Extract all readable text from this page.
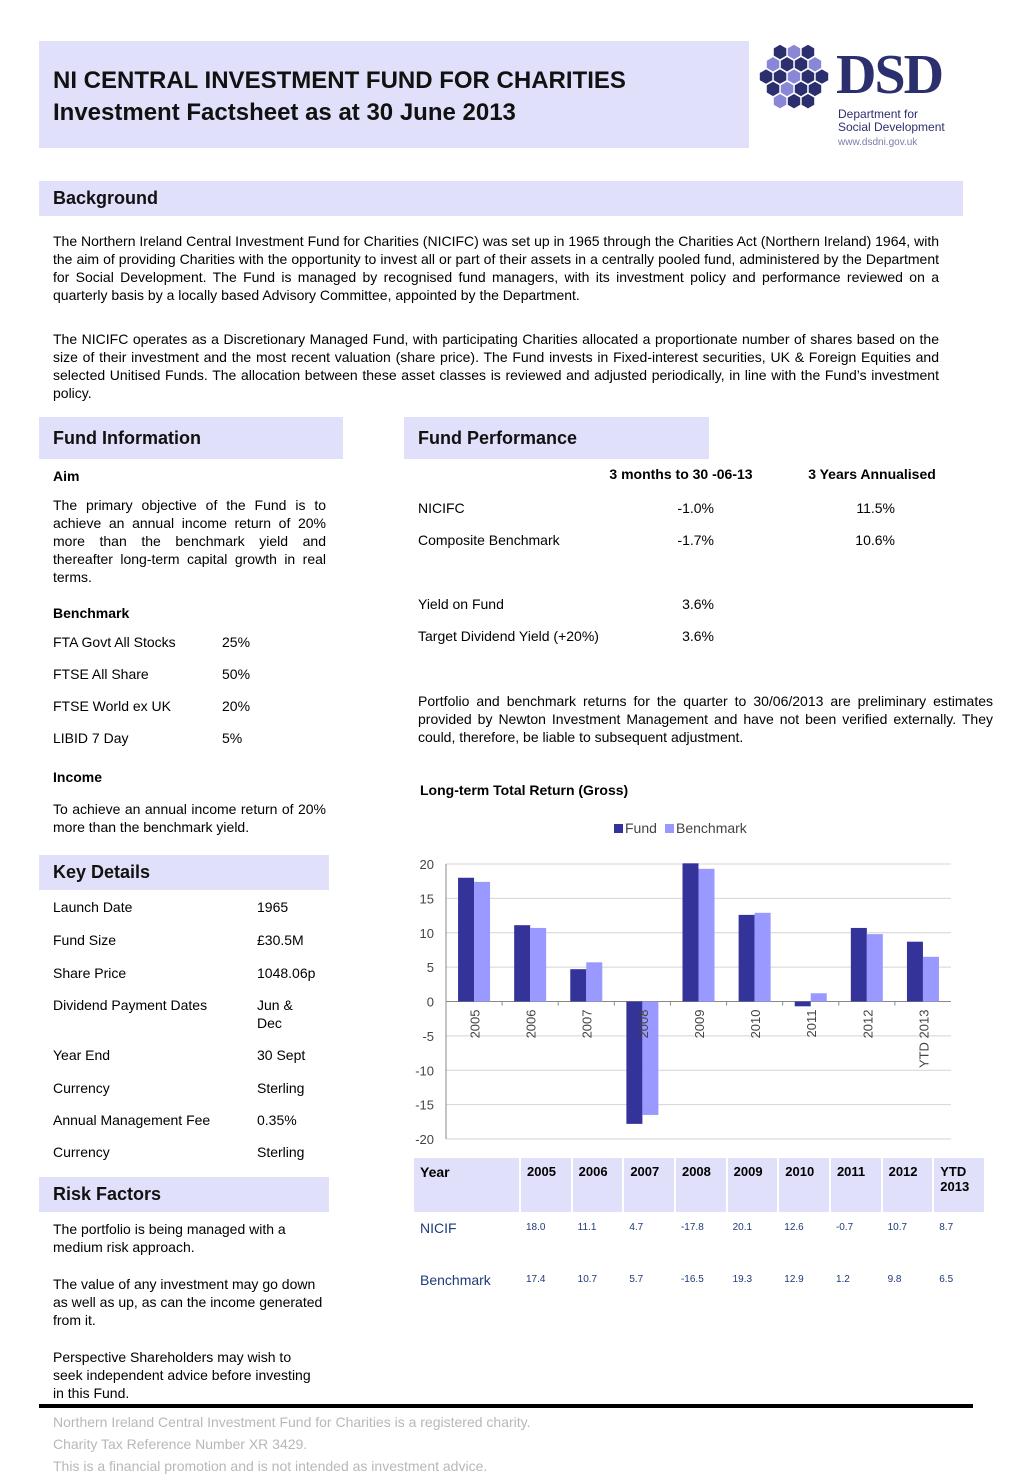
NI CENTRAL INVESTMENT FUND FOR CHARITIES
Investment Factsheet as at 30 June 2013
DSD
Department for
Social Development
www.dsdni.gov.uk
Background
The Northern Ireland Central Investment Fund for Charities (NICIFC) was set up in 1965 through the Charities Act (Northern Ireland) 1964, with the aim of providing Charities with the opportunity to invest all or part of their assets in a centrally pooled fund, administered by the Department for Social Development. The Fund is managed by recognised fund managers, with its investment policy and performance reviewed on a quarterly basis by a locally based Advisory Committee, appointed by the Department.
The NICIFC operates as a Discretionary Managed Fund, with participating Charities allocated a proportionate number of shares based on the size of their investment and the most recent valuation (share price). The Fund invests in Fixed-interest securities, UK & Foreign Equities and selected Unitised Funds. The allocation between these asset classes is reviewed and adjusted periodically, in line with the Fund’s investment policy.
Fund Information
Aim
The primary objective of the Fund is to achieve an annual income return of 20% more than the benchmark yield and thereafter long-term capital growth in real terms.
Benchmark
FTA Govt All Stocks	25%
FTSE All Share	50%
FTSE World ex UK	20%
LIBID 7 Day	5%
Income
To achieve an annual income return of 20% more than the benchmark yield.
Key Details
Launch Date	1965
Fund Size	£30.5M
Share Price	1048.06p
Dividend Payment Dates	Jun & Dec
Year End	30 Sept
Currency	Sterling
Annual Management Fee	0.35%
Currency	Sterling
Risk Factors
The portfolio is being managed with a medium risk approach.
The value of any investment may go down as well as up, as can the income generated from it.
Perspective Shareholders may wish to seek independent advice before investing in this Fund.
Fund Performance
3 months to 30 -06-13	3 Years Annualised
NICIFC	-1.0%	11.5%
Composite Benchmark	-1.7%	10.6%
Yield on Fund	3.6%
Target Dividend Yield (+20%)	3.6%
Portfolio and benchmark returns for the quarter to 30/06/2013 are preliminary estimates provided by Newton Investment Management and have not been verified externally. They could, therefore, be liable to subsequent adjustment.
Long-term Total Return (Gross)
Fund Benchmark
20
15
10
5
0
-5
-10
-15
-20
2005	2006	2007	2008	2009	2010	2011	2012	YTD 2013
Year	2005	2006	2007	2008	2009	2010	2011	2012	YTD 2013
NICIF	18.0	11.1	4.7	-17.8	20.1	12.6	-0.7	10.7	8.7
Benchmark	17.4	10.7	5.7	-16.5	19.3	12.9	1.2	9.8	6.5
Northern Ireland Central Investment Fund for Charities is a registered charity.
Charity Tax Reference Number XR 3429.
This is a financial promotion and is not intended as investment advice.
